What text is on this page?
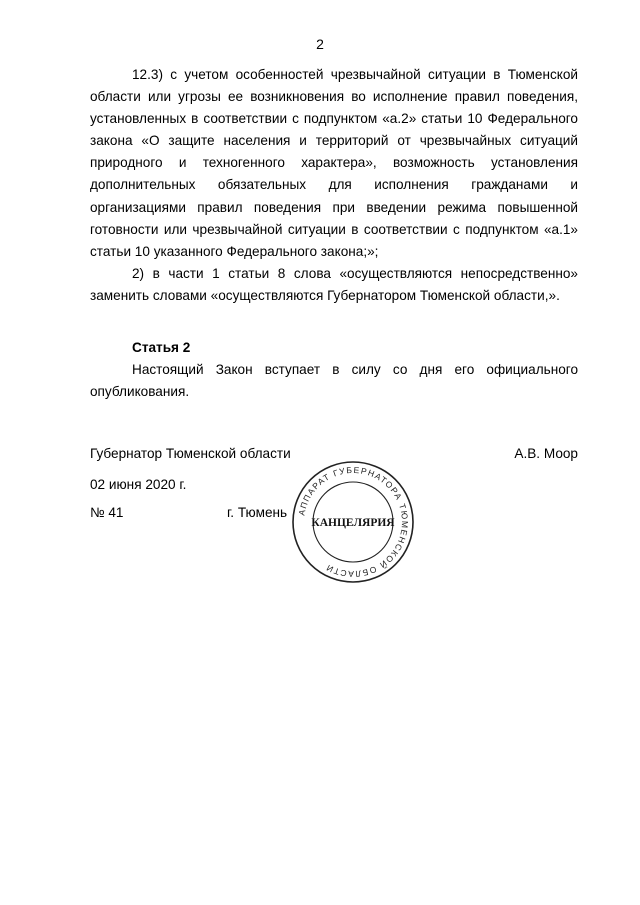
2

12.3) с учетом особенностей чрезвычайной ситуации в Тюменской области или угрозы ее возникновения во исполнение правил поведения, установленных в соответствии с подпунктом «а.2» статьи 10 Федерального закона «О защите населения и территорий от чрезвычайных ситуаций природного и техногенного характера», возможность установления дополнительных обязательных для исполнения гражданами и организациями правил поведения при введении режима повышенной готовности или чрезвычайной ситуации в соответствии с подпунктом «а.1» статьи 10 указанного Федерального закона;»;

2) в части 1 статьи 8 слова «осуществляются непосредственно» заменить словами «осуществляются Губернатором Тюменской области,».

Статья 2

Настоящий Закон вступает в силу со дня его официального опубликования.

Губернатор Тюменской области	А.В. Моор
02 июня 2020 г.
№ 41	г. Тюмень АППАРАТ ГУБЕРНАТОРА ТЮМЕНСКОЙ ОБЛАСТИ
КАНЦЕЛЯРИЯ
